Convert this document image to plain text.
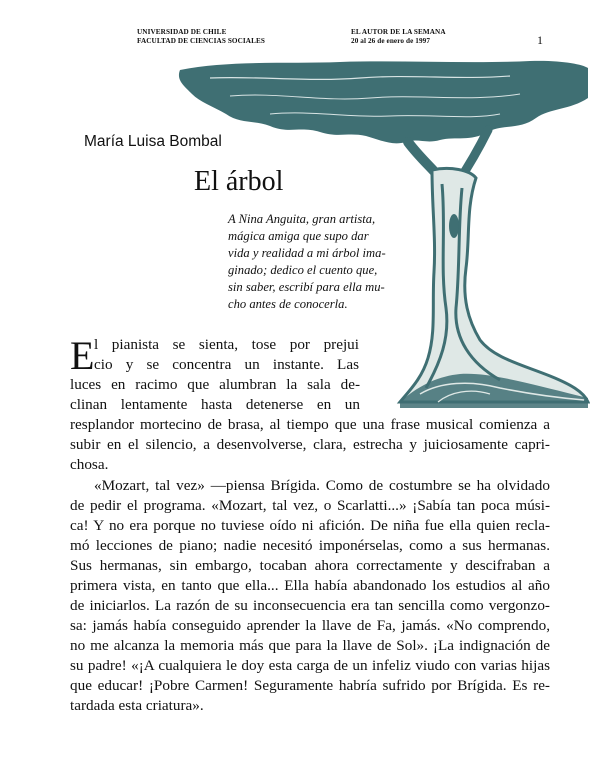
UNIVERSIDAD DE CHILE
FACULTAD DE CIENCIAS SOCIALES
EL AUTOR DE LA SEMANA
20 al 26 de enero de 1997	1
María Luisa Bombal
El árbol
A Nina Anguita, gran artista,
mágica amiga que supo dar
vida y realidad a mi árbol ima-
ginado; dedico el cuento que,
sin saber, escribí para ella mu-
cho antes de conocerla.
E l pianista se sienta, tose por prejui
cio y se concentra un instante. Las
luces en racimo que alumbran la sala de-
clinan lentamente hasta detenerse en un
resplandor mortecino de brasa, al tiempo que una frase musical comienza a
subir en el silencio, a desenvolverse, clara, estrecha y juiciosamente capri-
chosa.
«Mozart, tal vez» —piensa Brígida. Como de costumbre se ha olvidado
de pedir el programa. «Mozart, tal vez, o Scarlatti...» ¡Sabía tan poca músi-
ca! Y no era porque no tuviese oído ni afición. De niña fue ella quien recla-
mó lecciones de piano; nadie necesitó imponérselas, como a sus hermanas.
Sus hermanas, sin embargo, tocaban ahora correctamente y descifraban a
primera vista, en tanto que ella... Ella había abandonado los estudios al año
de iniciarlos. La razón de su inconsecuencia era tan sencilla como vergonzo-
sa: jamás había conseguido aprender la llave de Fa, jamás. «No comprendo,
no me alcanza la memoria más que para la llave de Sol». ¡La indignación de
su padre! «¡A cualquiera le doy esta carga de un infeliz viudo con varias hijas
que educar! ¡Pobre Carmen! Seguramente habría sufrido por Brígida. Es re-
tardada esta criatura».
